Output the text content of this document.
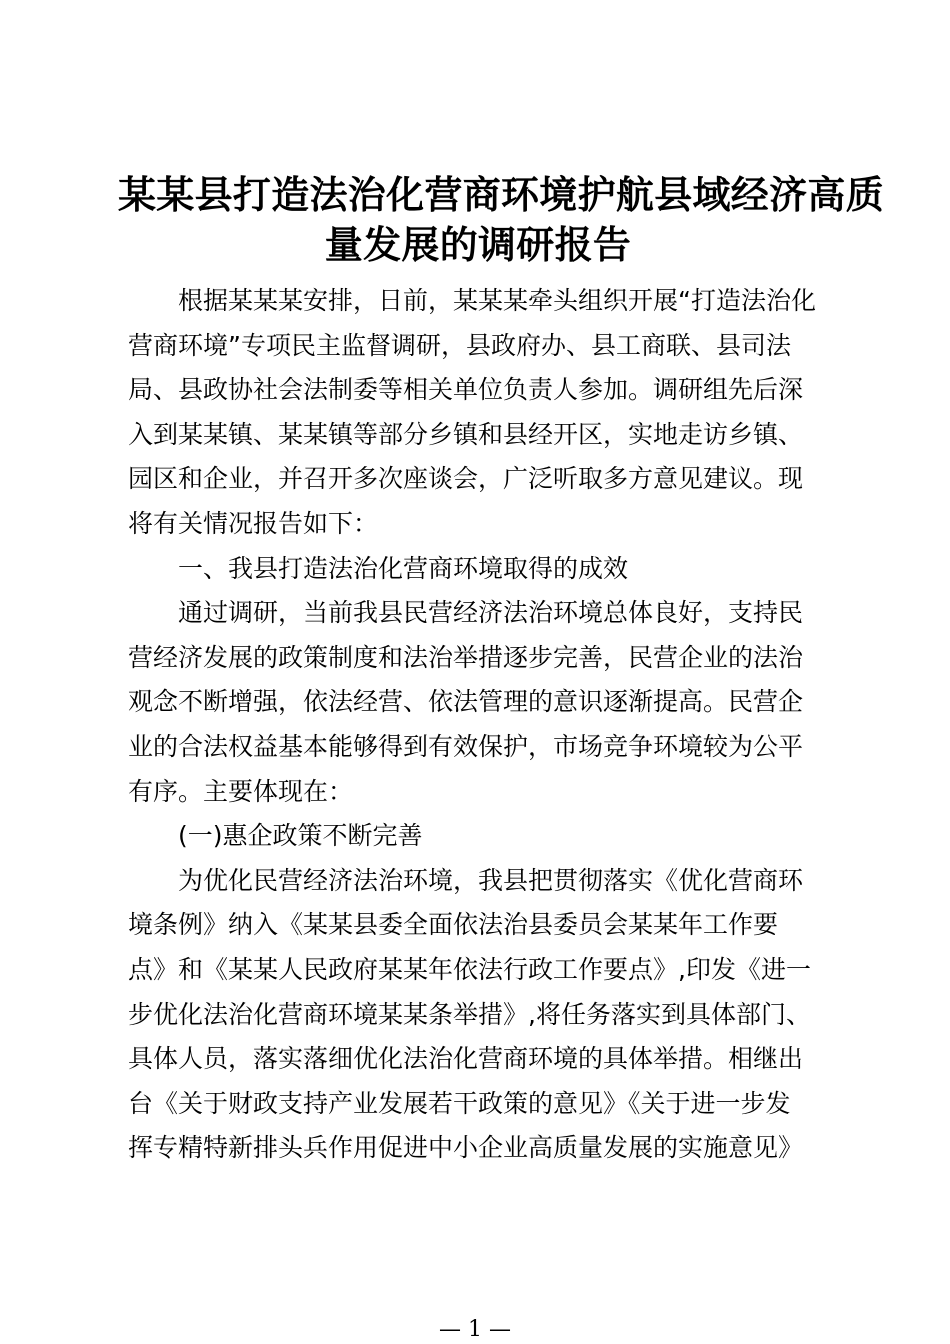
某某县打造法治化营商环境护航县域经济高质
量发展的调研报告
根据某某某安排，日前，某某某牵头组织开展“打造法治化
营商环境”专项民主监督调研，县政府办、县工商联、县司法
局、县政协社会法制委等相关单位负责人参加。调研组先后深
入到某某镇、某某镇等部分乡镇和县经开区，实地走访乡镇、
园区和企业，并召开多次座谈会，广泛听取多方意见建议。现
将有关情况报告如下：
一、我县打造法治化营商环境取得的成效
通过调研，当前我县民营经济法治环境总体良好，支持民
营经济发展的政策制度和法治举措逐步完善，民营企业的法治
观念不断增强，依法经营、依法管理的意识逐渐提高。民营企
业的合法权益基本能够得到有效保护，市场竞争环境较为公平
有序。主要体现在：
(一)惠企政策不断完善
为优化民营经济法治环境，我县把贯彻落实《优化营商环
境条例》纳入《某某县委全面依法治县委员会某某年工作要
点》和《某某人民政府某某年依法行政工作要点》,印发《进一
步优化法治化营商环境某某条举措》,将任务落实到具体部门、
具体人员，落实落细优化法治化营商环境的具体举措。相继出
台《关于财政支持产业发展若干政策的意见》《关于进一步发
挥专精特新排头兵作用促进中小企业高质量发展的实施意见》
— 1 —
